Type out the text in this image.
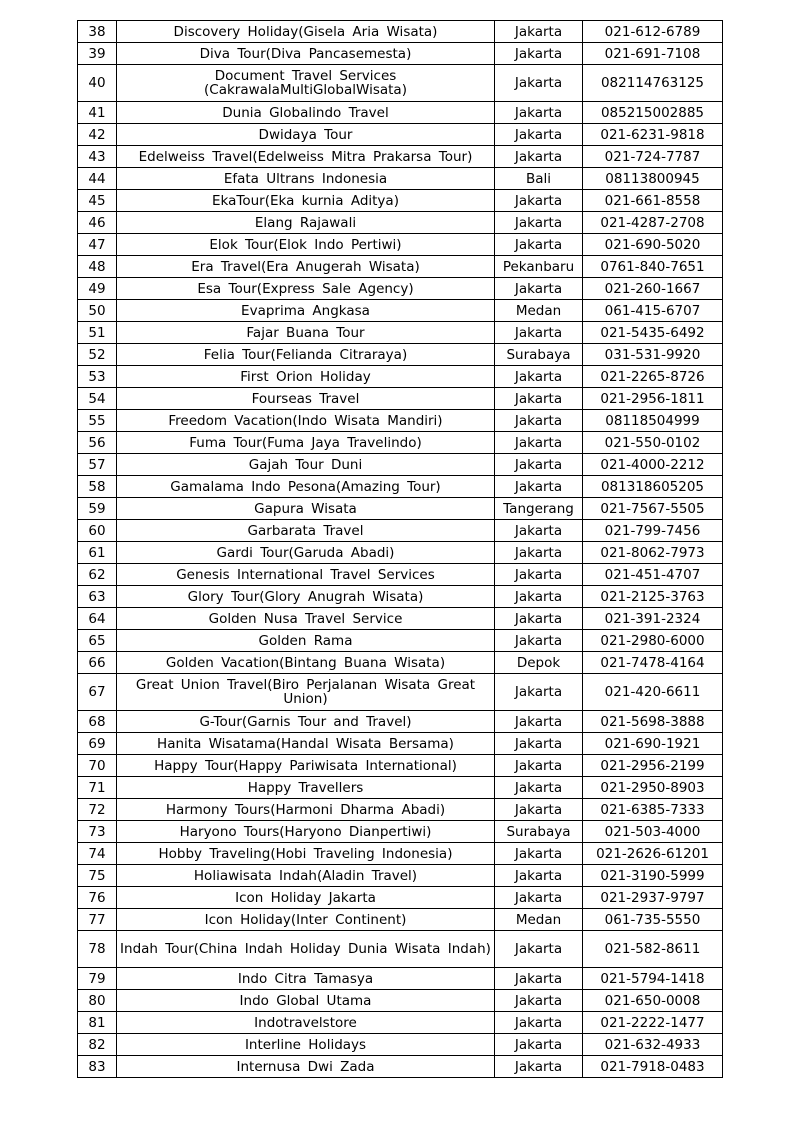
38	Discovery Holiday(Gisela Aria Wisata)	Jakarta	021-612-6789
39	Diva Tour(Diva Pancasemesta)	Jakarta	021-691-7108
40	Document Travel Services (CakrawalaMultiGlobalWisata)	Jakarta	082114763125
41	Dunia Globalindo Travel	Jakarta	085215002885
42	Dwidaya Tour	Jakarta	021-6231-9818
43	Edelweiss Travel(Edelweiss Mitra Prakarsa Tour)	Jakarta	021-724-7787
44	Efata Ultrans Indonesia	Bali	08113800945
45	EkaTour(Eka kurnia Aditya)	Jakarta	021-661-8558
46	Elang Rajawali	Jakarta	021-4287-2708
47	Elok Tour(Elok Indo Pertiwi)	Jakarta	021-690-5020
48	Era Travel(Era Anugerah Wisata)	Pekanbaru	0761-840-7651
49	Esa Tour(Express Sale Agency)	Jakarta	021-260-1667
50	Evaprima Angkasa	Medan	061-415-6707
51	Fajar Buana Tour	Jakarta	021-5435-6492
52	Felia Tour(Felianda Citraraya)	Surabaya	031-531-9920
53	First Orion Holiday	Jakarta	021-2265-8726
54	Fourseas Travel	Jakarta	021-2956-1811
55	Freedom Vacation(Indo Wisata Mandiri)	Jakarta	08118504999
56	Fuma Tour(Fuma Jaya Travelindo)	Jakarta	021-550-0102
57	Gajah Tour Duni	Jakarta	021-4000-2212
58	Gamalama Indo Pesona(Amazing Tour)	Jakarta	081318605205
59	Gapura Wisata	Tangerang	021-7567-5505
60	Garbarata Travel	Jakarta	021-799-7456
61	Gardi Tour(Garuda Abadi)	Jakarta	021-8062-7973
62	Genesis International Travel Services	Jakarta	021-451-4707
63	Glory Tour(Glory Anugrah Wisata)	Jakarta	021-2125-3763
64	Golden Nusa Travel Service	Jakarta	021-391-2324
65	Golden Rama	Jakarta	021-2980-6000
66	Golden Vacation(Bintang Buana Wisata)	Depok	021-7478-4164
67	Great Union Travel(Biro Perjalanan Wisata Great Union)	Jakarta	021-420-6611
68	G-Tour(Garnis Tour and Travel)	Jakarta	021-5698-3888
69	Hanita Wisatama(Handal Wisata Bersama)	Jakarta	021-690-1921
70	Happy Tour(Happy Pariwisata International)	Jakarta	021-2956-2199
71	Happy Travellers	Jakarta	021-2950-8903
72	Harmony Tours(Harmoni Dharma Abadi)	Jakarta	021-6385-7333
73	Haryono Tours(Haryono Dianpertiwi)	Surabaya	021-503-4000
74	Hobby Traveling(Hobi Traveling Indonesia)	Jakarta	021-2626-61201
75	Holiawisata Indah(Aladin Travel)	Jakarta	021-3190-5999
76	Icon Holiday Jakarta	Jakarta	021-2937-9797
77	Icon Holiday(Inter Continent)	Medan	061-735-5550
78	Indah Tour(China Indah Holiday Dunia Wisata Indah)	Jakarta	021-582-8611
79	Indo Citra Tamasya	Jakarta	021-5794-1418
80	Indo Global Utama	Jakarta	021-650-0008
81	Indotravelstore	Jakarta	021-2222-1477
82	Interline Holidays	Jakarta	021-632-4933
83	Internusa Dwi Zada	Jakarta	021-7918-0483
